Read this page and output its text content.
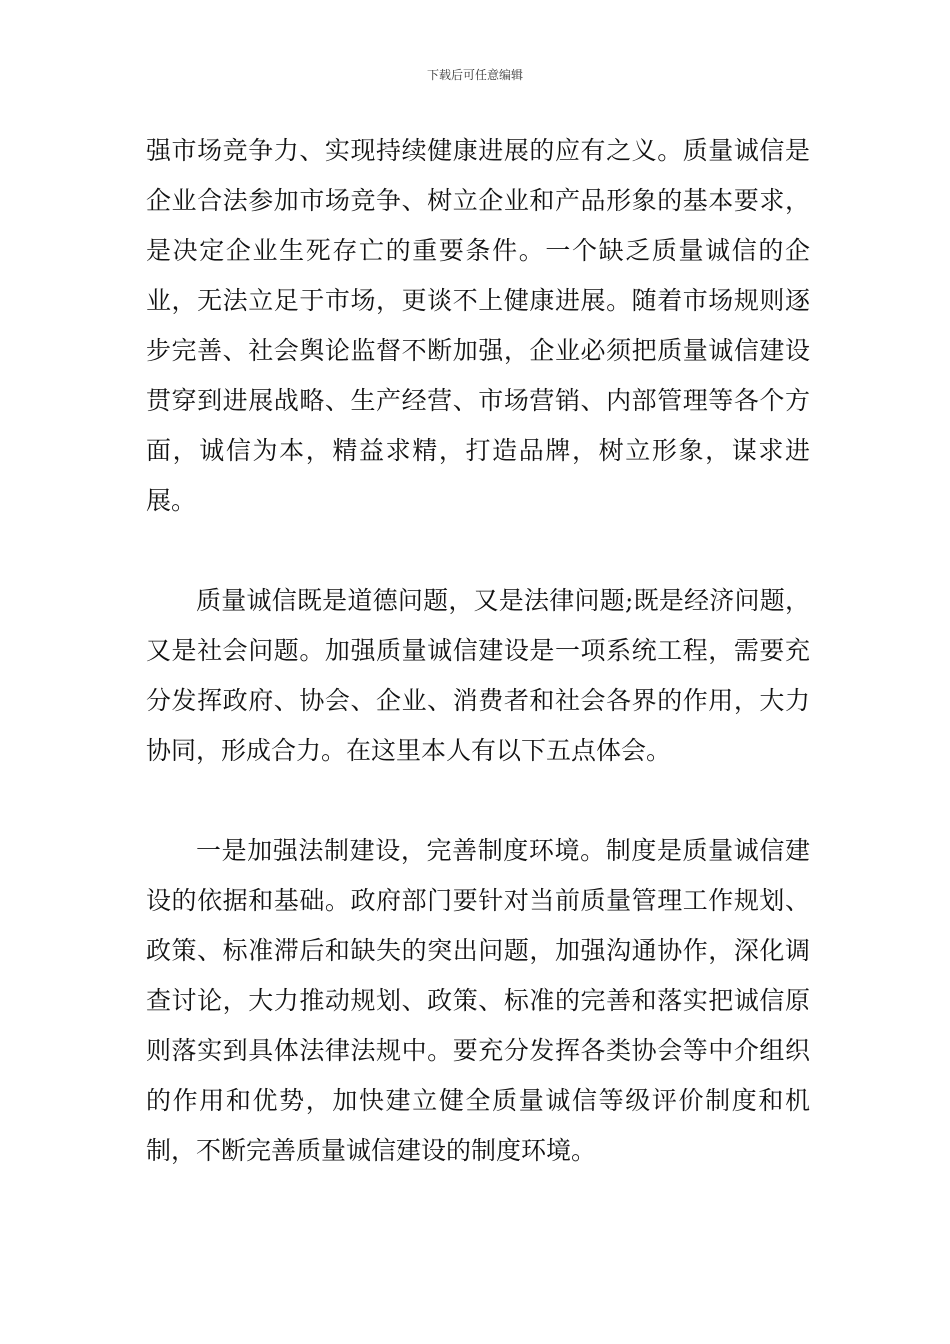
下载后可任意编辑

强市场竞争力、实现持续健康进展的应有之义。质量诚信是企业合法参加市场竞争、树立企业和产品形象的基本要求，是决定企业生死存亡的重要条件。一个缺乏质量诚信的企业，无法立足于市场，更谈不上健康进展。随着市场规则逐步完善、社会舆论监督不断加强，企业必须把质量诚信建设贯穿到进展战略、生产经营、市场营销、内部管理等各个方面，诚信为本，精益求精，打造品牌，树立形象，谋求进展。

质量诚信既是道德问题，又是法律问题;既是经济问题，又是社会问题。加强质量诚信建设是一项系统工程，需要充分发挥政府、协会、企业、消费者和社会各界的作用，大力协同，形成合力。在这里本人有以下五点体会。

一是加强法制建设，完善制度环境。制度是质量诚信建设的依据和基础。政府部门要针对当前质量管理工作规划、政策、标准滞后和缺失的突出问题，加强沟通协作，深化调查讨论，大力推动规划、政策、标准的完善和落实把诚信原则落实到具体法律法规中。要充分发挥各类协会等中介组织的作用和优势，加快建立健全质量诚信等级评价制度和机制，不断完善质量诚信建设的制度环境。
